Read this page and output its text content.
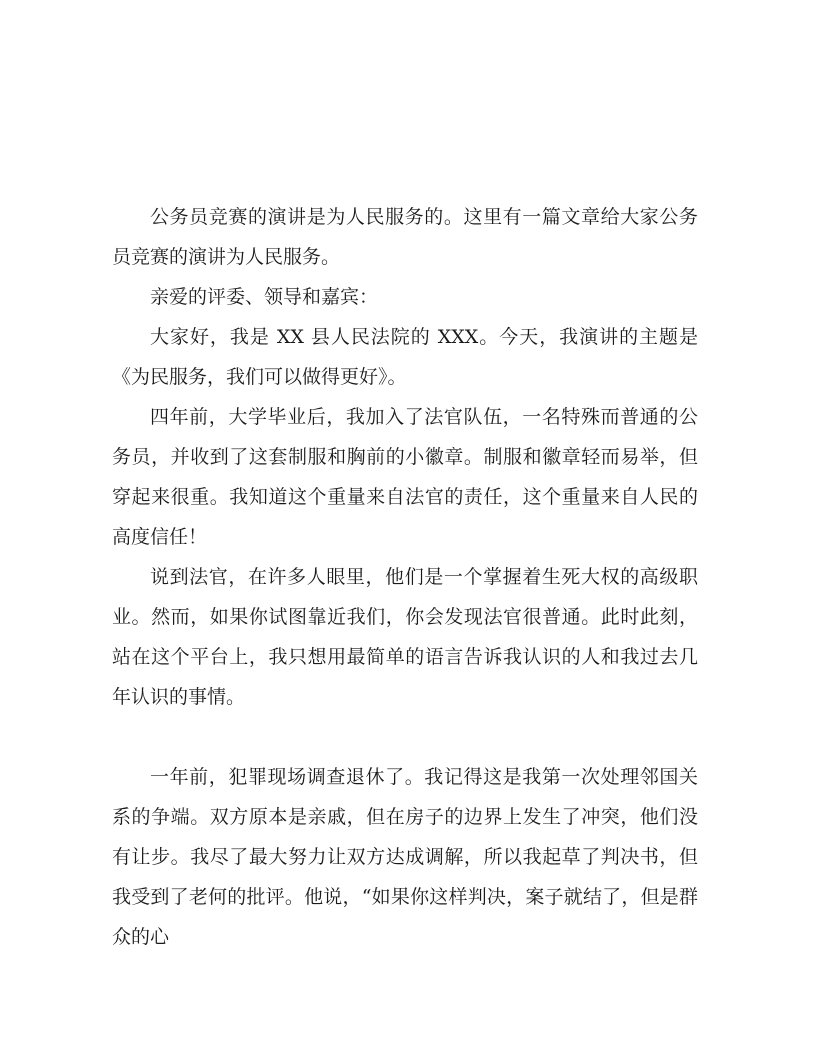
公务员竞赛的演讲是为人民服务的。这里有一篇文章给大家公务员竞赛的演讲为人民服务。

亲爱的评委、领导和嘉宾：

大家好，我是 XX 县人民法院的 XXX。今天，我演讲的主题是《为民服务，我们可以做得更好》。

四年前，大学毕业后，我加入了法官队伍，一名特殊而普通的公务员，并收到了这套制服和胸前的小徽章。制服和徽章轻而易举，但穿起来很重。我知道这个重量来自法官的责任，这个重量来自人民的高度信任！

说到法官，在许多人眼里，他们是一个掌握着生死大权的高级职业。然而，如果你试图靠近我们，你会发现法官很普通。此时此刻，站在这个平台上，我只想用最简单的语言告诉我认识的人和我过去几年认识的事情。

一年前，犯罪现场调查退休了。我记得这是我第一次处理邻国关系的争端。双方原本是亲戚，但在房子的边界上发生了冲突，他们没有让步。我尽了最大努力让双方达成调解，所以我起草了判决书，但我受到了老何的批评。他说，“如果你这样判决，案子就结了，但是群众的心
